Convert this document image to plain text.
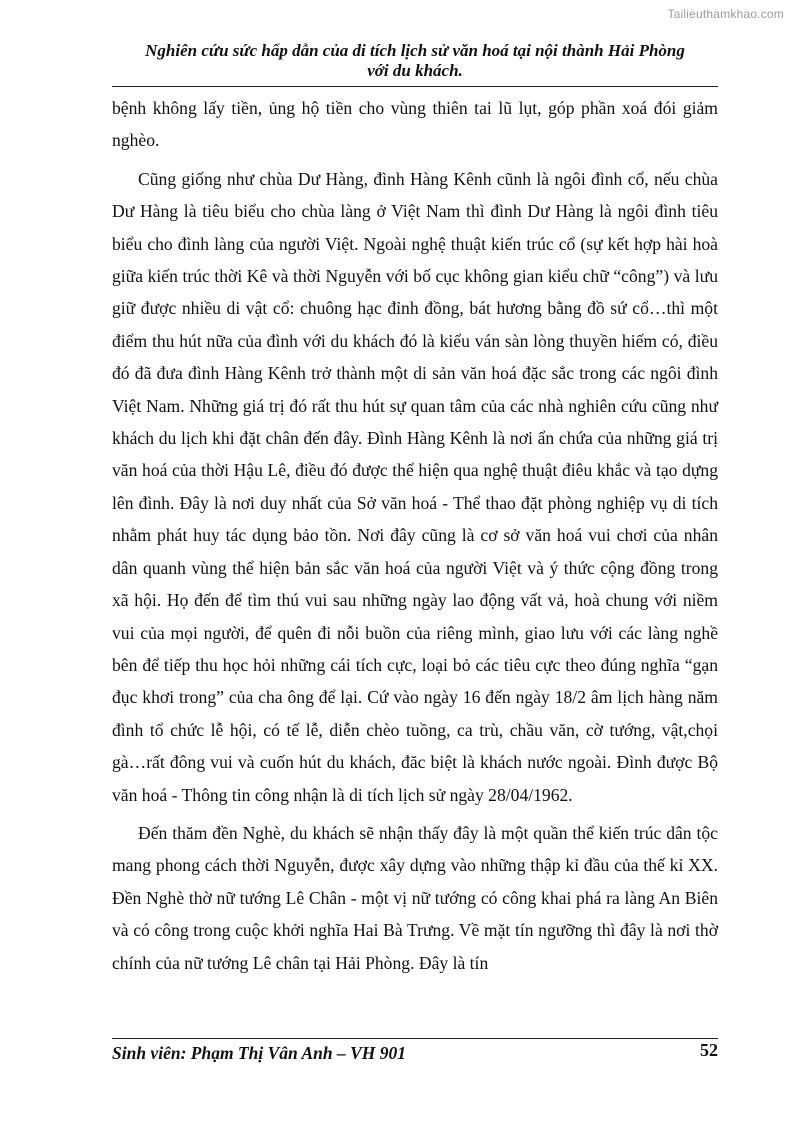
Tailieuthamkhao.com
Nghiên cứu sức hấp dẫn của di tích lịch sử văn hoá tại nội thành Hải Phòng
với du khách.

bệnh không lấy tiền, ủng hộ tiền cho vùng thiên tai lũ lụt, góp phần xoá đói giảm nghèo.

Cũng giống như chùa Dư Hàng, đình Hàng Kênh cũnh là ngôi đình cổ, nếu chùa Dư Hàng là tiêu biểu cho chùa làng ở Việt Nam thì đình Dư Hàng là ngôi đình tiêu biểu cho đình làng của người Việt. Ngoài nghệ thuật kiến trúc cổ (sự kết hợp hài hoà giữa kiến trúc thời Kê và thời Nguyễn với bố cục không gian kiểu chữ “công”) và lưu giữ được nhiều di vật cổ: chuông hạc đỉnh đồng, bát hương bằng đồ sứ cổ…thì một điểm thu hút nữa của đình với du khách đó là kiểu ván sàn lòng thuyền hiếm có, điều đó đã đưa đình Hàng Kênh trở thành một di sản văn hoá đặc sắc trong các ngôi đình Việt Nam. Những giá trị đó rất thu hút sự quan tâm của các nhà nghiên cứu cũng như khách du lịch khi đặt chân đến đây. Đình Hàng Kênh là nơi ẩn chứa của những giá trị văn hoá của thời Hậu Lê, điều đó được thể hiện qua nghệ thuật điêu khắc và tạo dựng lên đình. Đây là nơi duy nhất của Sở văn hoá - Thể thao đặt phòng nghiệp vụ di tích nhằm phát huy tác dụng bảo tồn. Nơi đây cũng là cơ sở văn hoá vui chơi của nhân dân quanh vùng thể hiện bản sắc văn hoá của người Việt và ý thức cộng đồng trong xã hội. Họ đến để tìm thú vui sau những ngày lao động vất vả, hoà chung với niềm vui của mọi người, để quên đi nỗi buồn của riêng mình, giao lưu với các làng nghề bên để tiếp thu học hỏi những cái tích cực, loại bỏ các tiêu cực theo đúng nghĩa “gạn đục khơi trong” của cha ông để lại. Cứ vào ngày 16 đến ngày 18/2 âm lịch hàng năm đình tổ chức lễ hội, có tế lễ, diễn chèo tuồng, ca trù, chầu văn, cờ tướng, vật,chọi gà…rất đông vui và cuốn hút du khách, đăc biệt là khách nước ngoài. Đình được Bộ văn hoá - Thông tin công nhận là di tích lịch sử ngày 28/04/1962.

Đến thăm đền Nghè, du khách sẽ nhận thấy đây là một quần thể kiến trúc dân tộc mang phong cách thời Nguyễn, được xây dựng vào những thập kỉ đầu của thế kỉ XX. Đền Nghè thờ nữ tướng Lê Chân - một vị nữ tướng có công khai phá ra làng An Biên và có công trong cuộc khởi nghĩa Hai Bà Trưng. Về mặt tín ngưỡng thì đây là nơi thờ chính của nữ tướng Lê chân tại Hải Phòng. Đây là tín

Sinh viên: Phạm Thị Vân Anh – VH 901	52
